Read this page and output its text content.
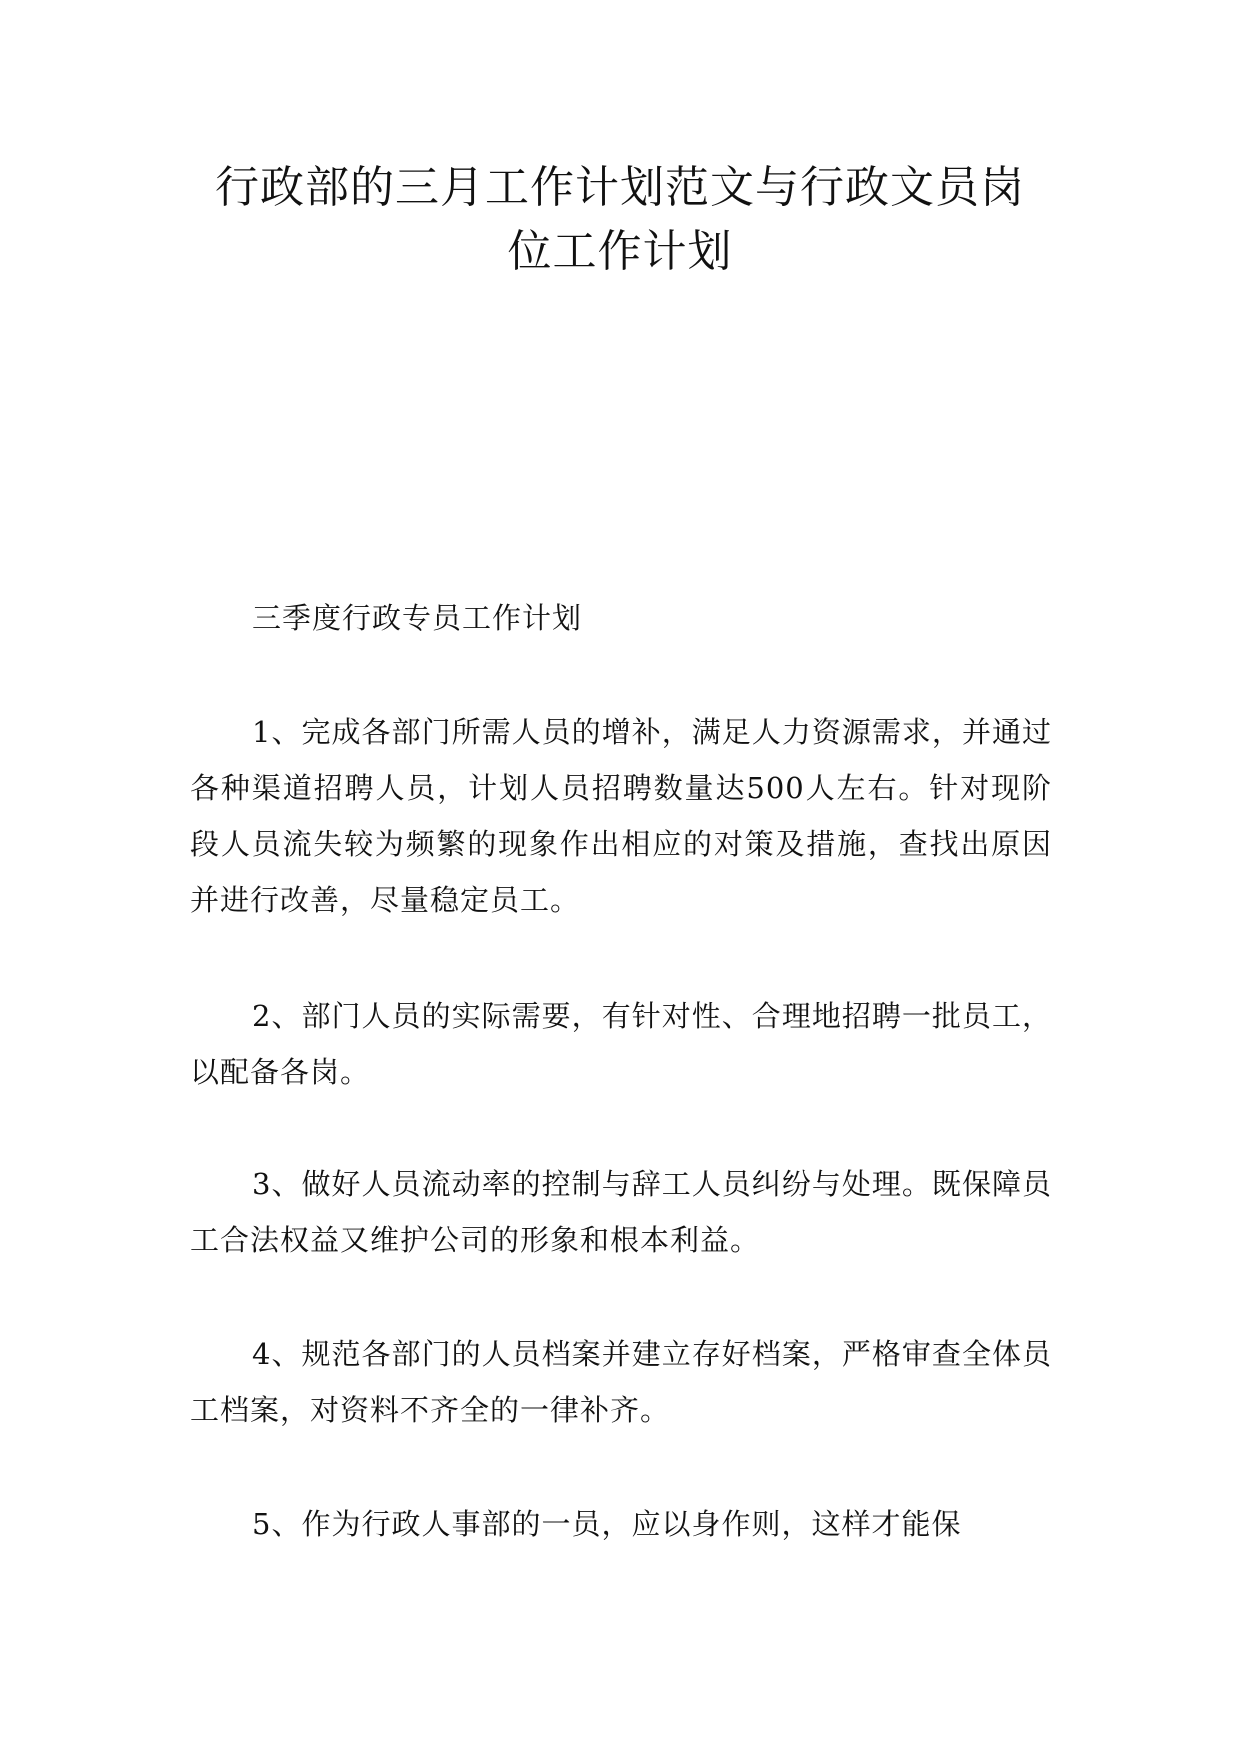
行政部的三月工作计划范文与行政文员岗
位工作计划

三季度行政专员工作计划

1、完成各部门所需人员的增补，满足人力资源需求，并通过各种渠道招聘人员，计划人员招聘数量达500人左右。针对现阶段人员流失较为频繁的现象作出相应的对策及措施，查找出原因并进行改善，尽量稳定员工。

2、部门人员的实际需要，有针对性、合理地招聘一批员工，以配备各岗。

3、做好人员流动率的控制与辞工人员纠纷与处理。既保障员工合法权益又维护公司的形象和根本利益。

4、规范各部门的人员档案并建立存好档案，严格审查全体员工档案，对资料不齐全的一律补齐。

5、作为行政人事部的一员，应以身作则，这样才能保
